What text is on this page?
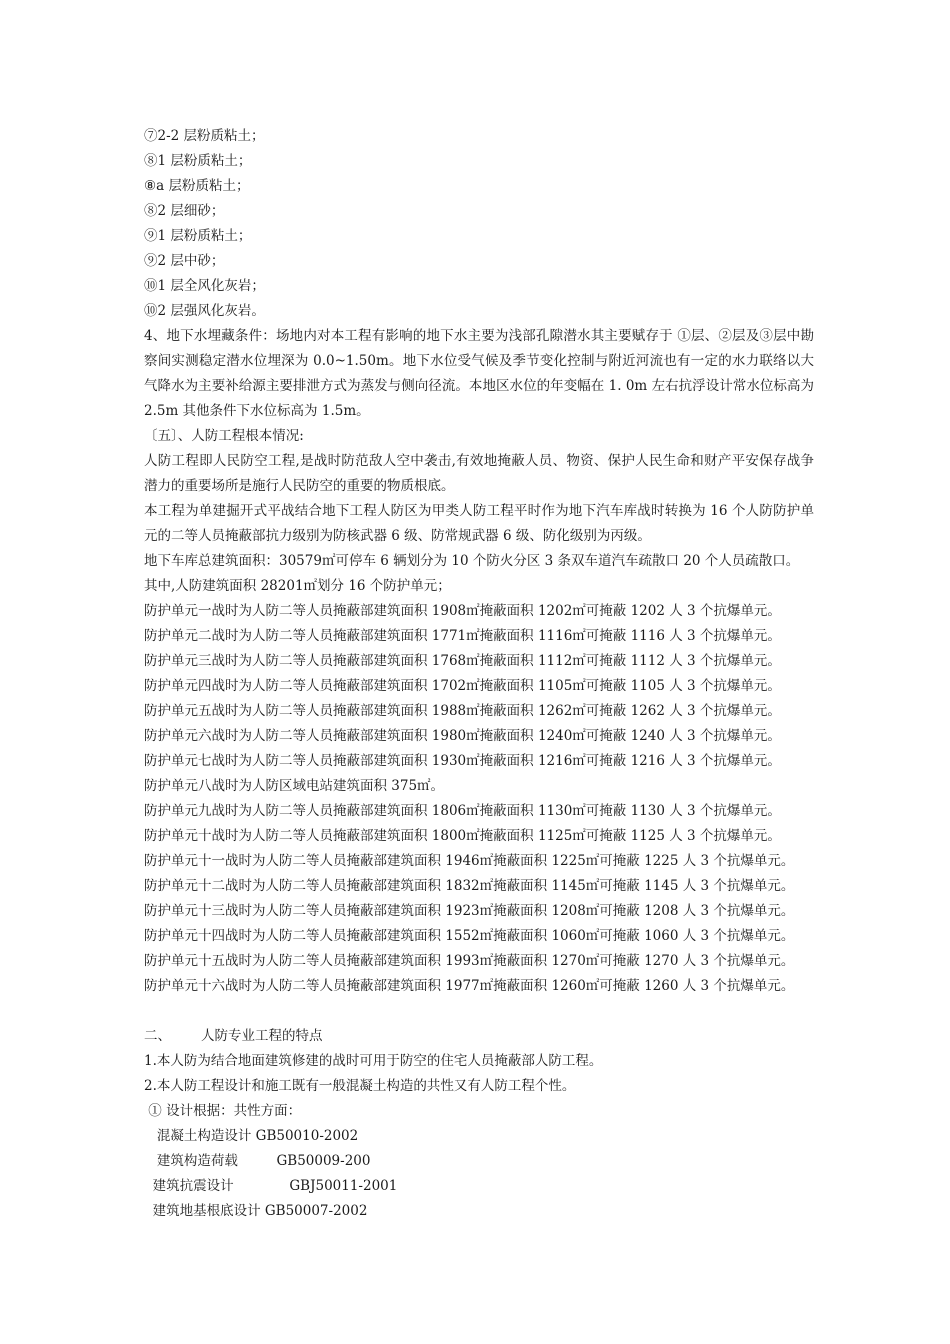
⑦2-2 层粉质粘土；
⑧1 层粉质粘土；
⑧a 层粉质粘土；
⑧2 层细砂；
⑨1 层粉质粘土；
⑨2 层中砂；
⑩1 层全风化灰岩；
⑩2 层强风化灰岩。
4、地下水埋藏条件：场地内对本工程有影响的地下水主要为浅部孔隙潜水其主要赋存于 ①层、②层及③层中勘察间实测稳定潜水位埋深为 0.0~1.50m。地下水位受气候及季节变化控制与附近河流也有一定的水力联络以大气降水为主要补给源主要排泄方式为蒸发与侧向径流。本地区水位的年变幅在 1. 0m 左右抗浮设计常水位标高为 2.5m 其他条件下水位标高为 1.5m。
〔五〕、人防工程根本情况:
人防工程即人民防空工程,是战时防范敌人空中袭击,有效地掩蔽人员、物资、保护人民生命和财产平安保存战争潜力的重要场所是施行人民防空的重要的物质根底。
本工程为单建掘开式平战结合地下工程人防区为甲类人防工程平时作为地下汽车库战时转换为 16 个人防防护单元的二等人员掩蔽部抗力级别为防核武器 6 级、防常规武器 6 级、防化级别为丙级。
地下车库总建筑面积：30579㎡可停车 6 辆划分为 10 个防火分区 3 条双车道汽车疏散口 20 个人员疏散口。
其中,人防建筑面积 28201㎡划分 16 个防护单元；
防护单元一战时为人防二等人员掩蔽部建筑面积 1908㎡掩蔽面积 1202㎡可掩蔽 1202 人 3 个抗爆单元。
防护单元二战时为人防二等人员掩蔽部建筑面积 1771㎡掩蔽面积 1116㎡可掩蔽 1116 人 3 个抗爆单元。
防护单元三战时为人防二等人员掩蔽部建筑面积 1768㎡掩蔽面积 1112㎡可掩蔽 1112 人 3 个抗爆单元。
防护单元四战时为人防二等人员掩蔽部建筑面积 1702㎡掩蔽面积 1105㎡可掩蔽 1105 人 3 个抗爆单元。
防护单元五战时为人防二等人员掩蔽部建筑面积 1988㎡掩蔽面积 1262㎡可掩蔽 1262 人 3 个抗爆单元。
防护单元六战时为人防二等人员掩蔽部建筑面积 1980㎡掩蔽面积 1240㎡可掩蔽 1240 人 3 个抗爆单元。
防护单元七战时为人防二等人员掩蔽部建筑面积 1930㎡掩蔽面积 1216㎡可掩蔽 1216 人 3 个抗爆单元。
防护单元八战时为人防区域电站建筑面积 375㎡。
防护单元九战时为人防二等人员掩蔽部建筑面积 1806㎡掩蔽面积 1130㎡可掩蔽 1130 人 3 个抗爆单元。
防护单元十战时为人防二等人员掩蔽部建筑面积 1800㎡掩蔽面积 1125㎡可掩蔽 1125 人 3 个抗爆单元。
防护单元十一战时为人防二等人员掩蔽部建筑面积 1946㎡掩蔽面积 1225㎡可掩蔽 1225 人 3 个抗爆单元。
防护单元十二战时为人防二等人员掩蔽部建筑面积 1832㎡掩蔽面积 1145㎡可掩蔽 1145 人 3 个抗爆单元。
防护单元十三战时为人防二等人员掩蔽部建筑面积 1923㎡掩蔽面积 1208㎡可掩蔽 1208 人 3 个抗爆单元。
防护单元十四战时为人防二等人员掩蔽部建筑面积 1552㎡掩蔽面积 1060㎡可掩蔽 1060 人 3 个抗爆单元。
防护单元十五战时为人防二等人员掩蔽部建筑面积 1993㎡掩蔽面积 1270㎡可掩蔽 1270 人 3 个抗爆单元。
防护单元十六战时为人防二等人员掩蔽部建筑面积 1977㎡掩蔽面积 1260㎡可掩蔽 1260 人 3 个抗爆单元。
二、       人防专业工程的特点
1.本人防为结合地面建筑修建的战时可用于防空的住宅人员掩蔽部人防工程。
2.本人防工程设计和施工既有一般混凝土构造的共性又有人防工程个性。
① 设计根据：共性方面：
混凝土构造设计 GB50010-2002
建筑构造荷载         GB50009-200
建筑抗震设计             GBJ50011-2001
建筑地基根底设计 GB50007-2002
